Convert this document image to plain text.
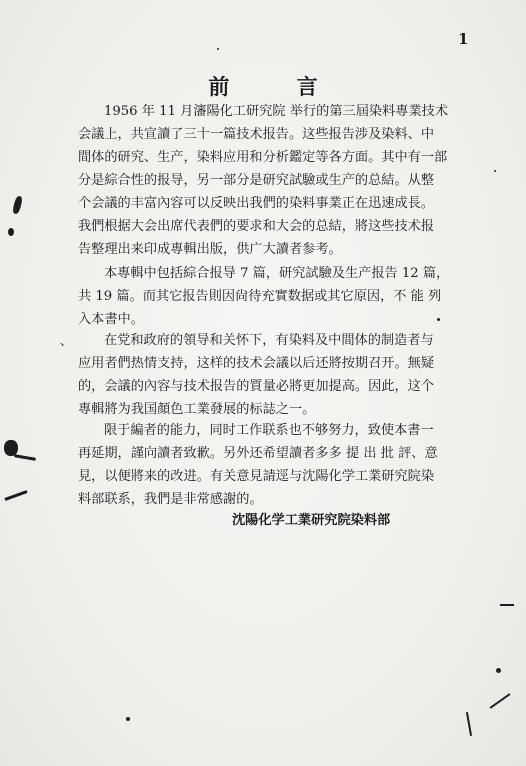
1
前 言
1956 年 11 月瀋陽化工研究院 举行的第三屆染料專業技术
会議上，共宣讀了三十一篇技术报告。这些报告涉及染料、中
間体的研究、生产，染料应用和分析鑑定等各方面。其中有一部
分是綜合性的报导，另一部分是研究試驗或生产的总結。从整
个会議的丰富內容可以反映出我們的染料事業正在迅速成長。
我們根据大会出席代表們的要求和大会的总結，將这些技术报
告整理出来印成專輯出版，供广大讀者参考。
本專輯中包括綜合报导 7 篇，研究試驗及生产报告 12 篇，
共 19 篇。而其它报告則因尙待充實数据或其它原因，不 能 列
入本書中。
、	在党和政府的領导和关怀下，有染料及中間体的制造者与
应用者們热情支持，这样的技术会議以后还將按期召开。無疑
的，会議的內容与技术报告的質量必將更加提高。因此，这个
專輯將为我国顏色工業發展的标誌之一。
限于編者的能力，同时工作联系也不够努力，致使本書一
再延期，謹向讀者致歉。另外还希望讀者多多 提 出 批 評、意
見，以便將来的改进。有关意見請逕与沈陽化学工業研究院染
料部联系，我們是非常感謝的。
沈陽化学工業研究院染料部
